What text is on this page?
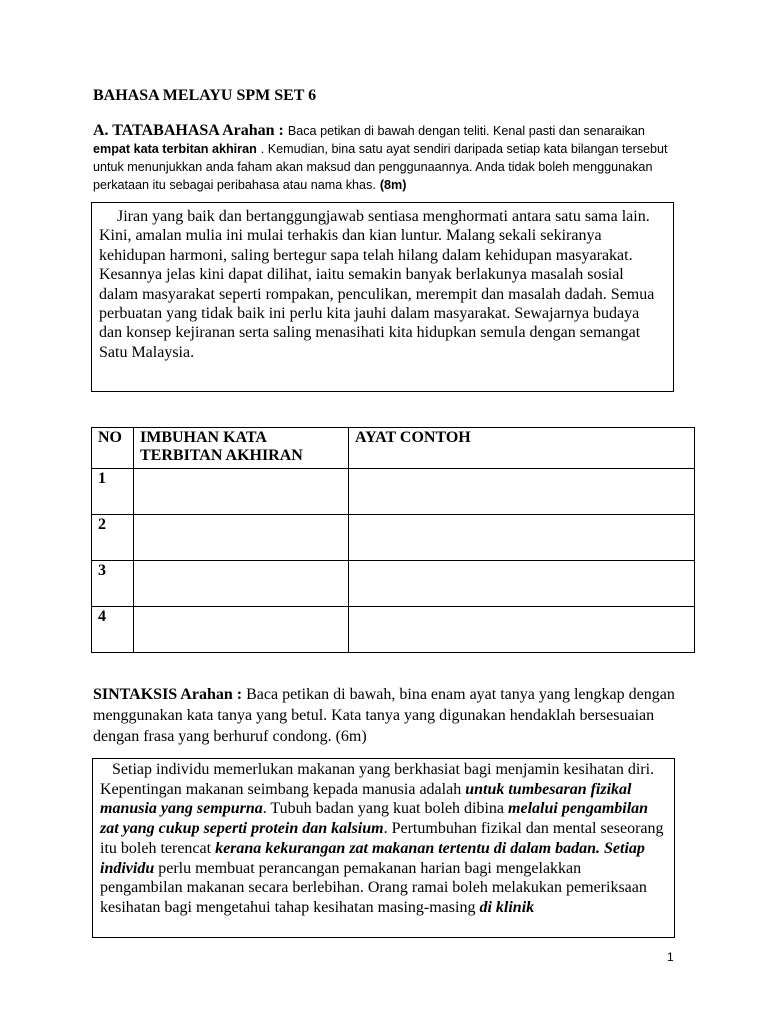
BAHASA MELAYU SPM SET 6
A. TATABAHASA Arahan : Baca petikan di bawah dengan teliti. Kenal pasti dan senaraikan empat kata terbitan akhiran . Kemudian, bina satu ayat sendiri daripada setiap kata bilangan tersebut untuk menunjukkan anda faham akan maksud dan penggunaannya. Anda tidak boleh menggunakan perkataan itu sebagai peribahasa atau nama khas. (8m)
Jiran yang baik dan bertanggungjawab sentiasa menghormati antara satu sama lain. Kini, amalan mulia ini mulai terhakis dan kian luntur. Malang sekali sekiranya kehidupan harmoni, saling bertegur sapa telah hilang dalam kehidupan masyarakat. Kesannya jelas kini dapat dilihat, iaitu semakin banyak berlakunya masalah sosial dalam masyarakat seperti rompakan, penculikan, merempit dan masalah dadah. Semua perbuatan yang tidak baik ini perlu kita jauhi dalam masyarakat. Sewajarnya budaya dan konsep kejiranan serta saling menasihati kita hidupkan semula dengan semangat Satu Malaysia.
NO	IMBUHAN KATA TERBITAN AKHIRAN	AYAT CONTOH
1		
2		
3		
4		
SINTAKSIS Arahan : Baca petikan di bawah, bina enam ayat tanya yang lengkap dengan menggunakan kata tanya yang betul. Kata tanya yang digunakan hendaklah bersesuaian dengan frasa yang berhuruf condong. (6m)
Setiap individu memerlukan makanan yang berkhasiat bagi menjamin kesihatan diri. Kepentingan makanan seimbang kepada manusia adalah untuk tumbesaran fizikal manusia yang sempurna. Tubuh badan yang kuat boleh dibina melalui pengambilan zat yang cukup seperti protein dan kalsium. Pertumbuhan fizikal dan mental seseorang itu boleh terencat kerana kekurangan zat makanan tertentu di dalam badan. Setiap individu perlu membuat perancangan pemakanan harian bagi mengelakkan pengambilan makanan secara berlebihan. Orang ramai boleh melakukan pemeriksaan kesihatan bagi mengetahui tahap kesihatan masing-masing di klinik
1
